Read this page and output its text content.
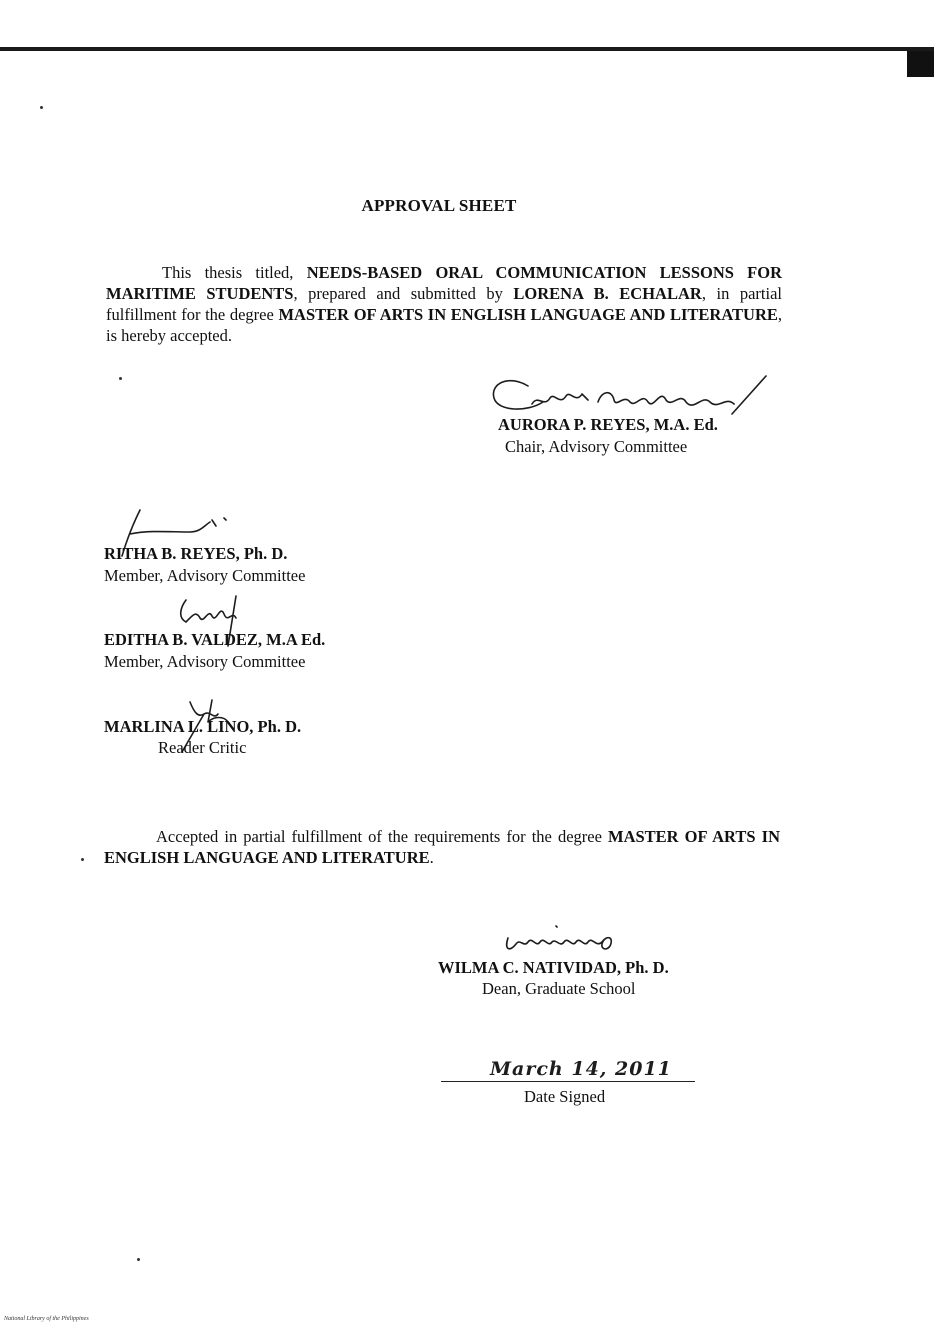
APPROVAL SHEET
This thesis titled, NEEDS-BASED ORAL COMMUNICATION LESSONS FOR MARITIME STUDENTS, prepared and submitted by LORENA B. ECHALAR, in partial fulfillment for the degree MASTER OF ARTS IN ENGLISH LANGUAGE AND LITERATURE, is hereby accepted.
AURORA P. REYES, M.A. Ed.
Chair, Advisory Committee
RITHA B. REYES, Ph. D.
Member, Advisory Committee
EDITHA B. VALDEZ, M.A Ed.
Member, Advisory Committee
MARLINA L. LINO, Ph. D.
Reader Critic
Accepted in partial fulfillment of the requirements for the degree MASTER OF ARTS IN ENGLISH LANGUAGE AND LITERATURE.
WILMA C. NATIVIDAD, Ph. D.
Dean, Graduate School
March 14, 2011
Date Signed
National Library of the Philippines
